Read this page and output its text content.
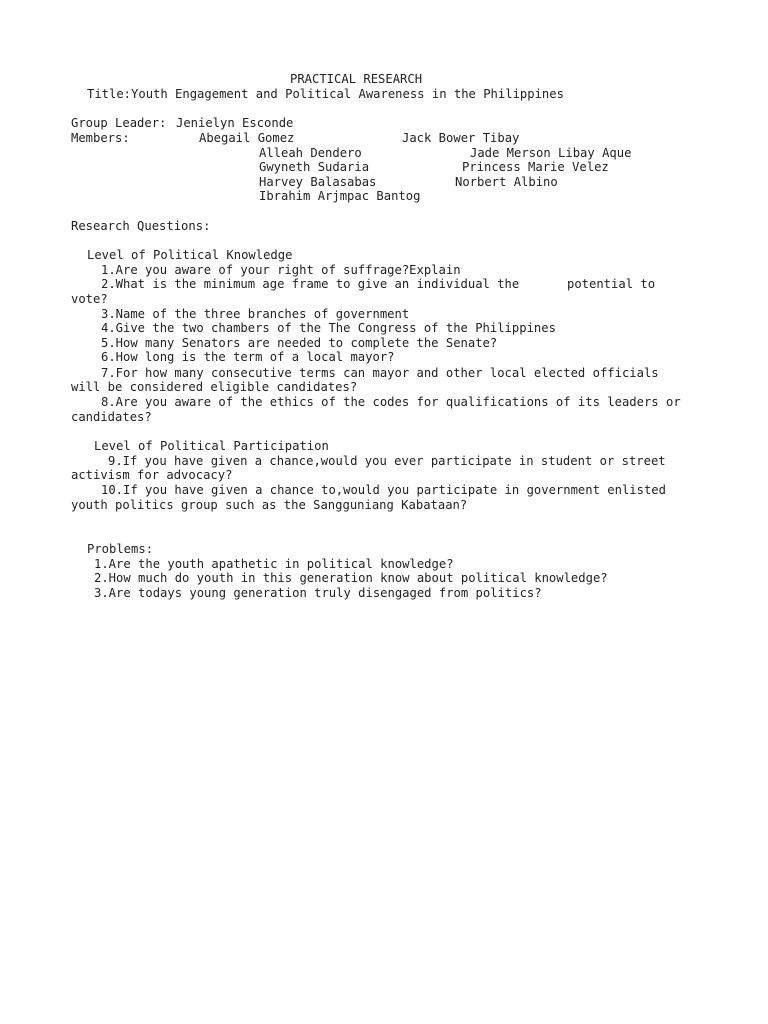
PRACTICAL RESEARCH
Title:Youth Engagement and Political Awareness in the Philippines
Group Leader: Jenielyn Esconde
Members:	Abegail Gomez	Jack Bower Tibay
Alleah Dendero	Jade Merson Libay Aque
Gwyneth Sudaria	Princess Marie Velez
Harvey Balasabas	Norbert Albino
Ibrahim Arjmpac Bantog
Research Questions:
Level of Political Knowledge
1.Are you aware of your right of suffrage?Explain
2.What is the minimum age frame to give an individual the	potential to
vote?
3.Name of the three branches of government
4.Give the two chambers of the The Congress of the Philippines
5.How many Senators are needed to complete the Senate?
6.How long is the term of a local mayor?
7.For how many consecutive terms can mayor and other local elected officials
will be considered eligible candidates?
8.Are you aware of the ethics of the codes for qualifications of its leaders or
candidates?
Level of Political Participation
9.If you have given a chance,would you ever participate in student or street
activism for advocacy?
10.If you have given a chance to,would you participate in government enlisted
youth politics group such as the Sangguniang Kabataan?
Problems:
1.Are the youth apathetic in political knowledge?
2.How much do youth in this generation know about political knowledge?
3.Are todays young generation truly disengaged from politics?
